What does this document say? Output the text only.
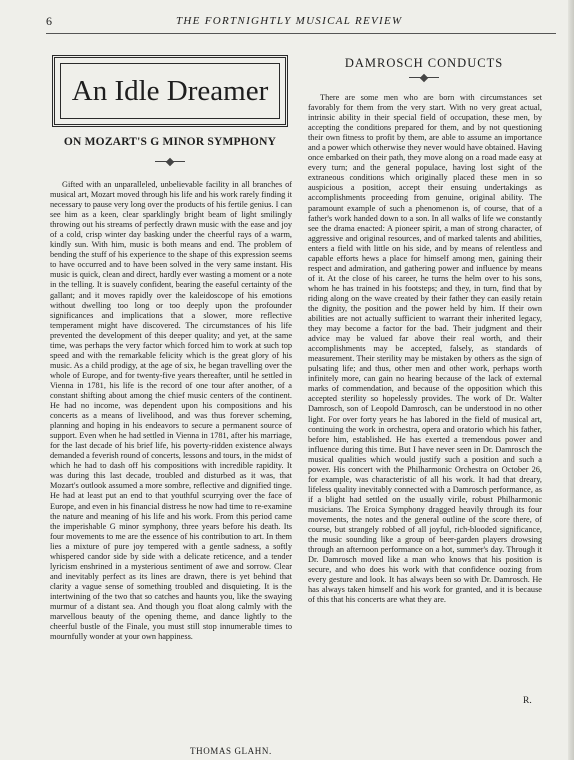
6	THE FORTNIGHTLY MUSICAL REVIEW
An Idle Dreamer
ON MOZART'S G MINOR SYMPHONY

Gifted with an unparalleled, unbelievable facility in all branches of musical art, Mozart moved through his life and his work rarely finding it necessary to pause very long over the products of his fertile genius. I can see him as a keen, clear sparklingly bright beam of light smilingly throwing out his streams of perfectly drawn music with the ease and joy of a cold, crisp winter day basking under the cheerful rays of a warm, kindly sun. With him, music is both means and end. The problem of bending the stuff of his experience to the shape of this expression seems to have occurred and to have been solved in the very same instant. His music is quick, clean and direct, hardly ever wasting a moment or a note in the telling. It is suavely confident, bearing the easeful certainty of the gallant; and it moves rapidly over the kaleidoscope of his emotions without dwelling too long or too deeply upon the profounder significances and implications that a slower, more reflective temperament might have discovered. The circumstances of his life prevented the development of this deeper quality; and yet, at the same time, was perhaps the very factor which forced him to work at such top speed and with the remarkable felicity which is the great glory of his music. As a child prodigy, at the age of six, he began travelling over the whole of Europe, and for twenty-five years thereafter, until he settled in Vienna in 1781, his life is the record of one tour after another, of a constant shifting about among the chief music centers of the continent. He had no income, was dependent upon his compositions and his concerts as a means of livelihood, and was thus forever scheming, planning and hoping in his endeavors to secure a permanent source of support. Even when he had settled in Vienna in 1781, after his marriage, for the last decade of his brief life, his poverty-ridden existence always demanded a feverish round of concerts, lessons and tours, in the midst of which he had to dash off his compositions with incredible rapidity. It was during this last decade, troubled and disturbed as it was, that Mozart's outlook assumed a more sombre, reflective and dignified tinge. He had at least put an end to that youthful scurrying over the face of Europe, and even in his financial distress he now had time to re-examine the nature and meaning of his life and his work. From this period came the imperishable G minor symphony, three years before his death. Its four movements to me are the essence of his contribution to art. In them lies a mixture of pure joy tempered with a gentle sadness, a softly whispered candor side by side with a delicate reticence, and a tender lyricism enshrined in a mysterious sentiment of awe and sorrow. Clear and inevitably perfect as its lines are drawn, there is yet behind that clarity a vague sense of something troubled and disquieting. It is the intertwining of the two that so catches and haunts you, like the swaying murmur of a distant sea. And though you float along calmly with the marvellous beauty of the opening theme, and dance lightly to the cheerful bustle of the Finale, you must still stop innumerable times to mournfully wonder at your own happiness.

THOMAS GLAHN.
DAMROSCH CONDUCTS

There are some men who are born with circumstances set favorably for them from the very start. With no very great actual, intrinsic ability in their special field of occupation, these men, by accepting the conditions prepared for them, and by not questioning their own fitness to profit by them, are able to assume an importance and a power which otherwise they never would have obtained. Having once embarked on their path, they move along on a road made easy at every turn; and the general populace, having lost sight of the extraneous conditions which originally placed these men in so auspicious a position, accept their ensuing undertakings as accomplishments proceeding from genuine, original ability. The paramount example of such a phenomenon is, of course, that of a father's work handed down to a son. In all walks of life we constantly see the drama enacted: A pioneer spirit, a man of strong character, of aggressive and original resources, and of marked talents and abilities, enters a field with little on his side, and by means of relentless and capable efforts hews a place for himself among men, gaining their respect and admiration, and gathering power and influence by means of it. At the close of his career, he turns the helm over to his sons, whom he has trained in his footsteps; and they, in turn, find that by riding along on the wave created by their father they can easily retain the dignity, the position and the power held by him. If their own abilities are not actually sufficient to warrant their inherited legacy, they may become a factor for the bad. Their judgment and their advice may be valued far above their real worth, and their accomplishments may be accepted, falsely, as standards of measurement. Their sterility may be mistaken by others as the sign of pulsating life; and thus, other men and other work, perhaps worth infinitely more, can gain no hearing because of the lack of external marks of commendation, and because of the opposition which this accepted sterility so hopelessly provides. The work of Dr. Walter Damrosch, son of Leopold Damrosch, can be understood in no other light. For over forty years he has labored in the field of musical art, continuing the work in orchestra, opera and oratorio which his father, before him, established. He has exerted a tremendous power and influence during this time. But I have never seen in Dr. Damrosch the musical qualities which would justify such a position and such a power. His concert with the Philharmonic Orchestra on October 26, for example, was characteristic of all his work. It had that dreary, lifeless quality inevitably connected with a Damrosch performance, as if a blight had settled on the usually virile, robust Philharmonic musicians. The Eroica Symphony dragged heavily through its four movements, the notes and the general outline of the score there, of course, but strangely robbed of all joyful, rich-blooded significance, the music sounding like a group of beer-garden players drowsing through an afternoon performance on a hot, summer's day. Through it Dr. Damrosch moved like a man who knows that his position is secure, and who does his work with that confidence oozing from every gesture and look. It has always been so with Dr. Damrosch. He has always taken himself and his work for granted, and it is because of this that his concerts are what they are.

R.
